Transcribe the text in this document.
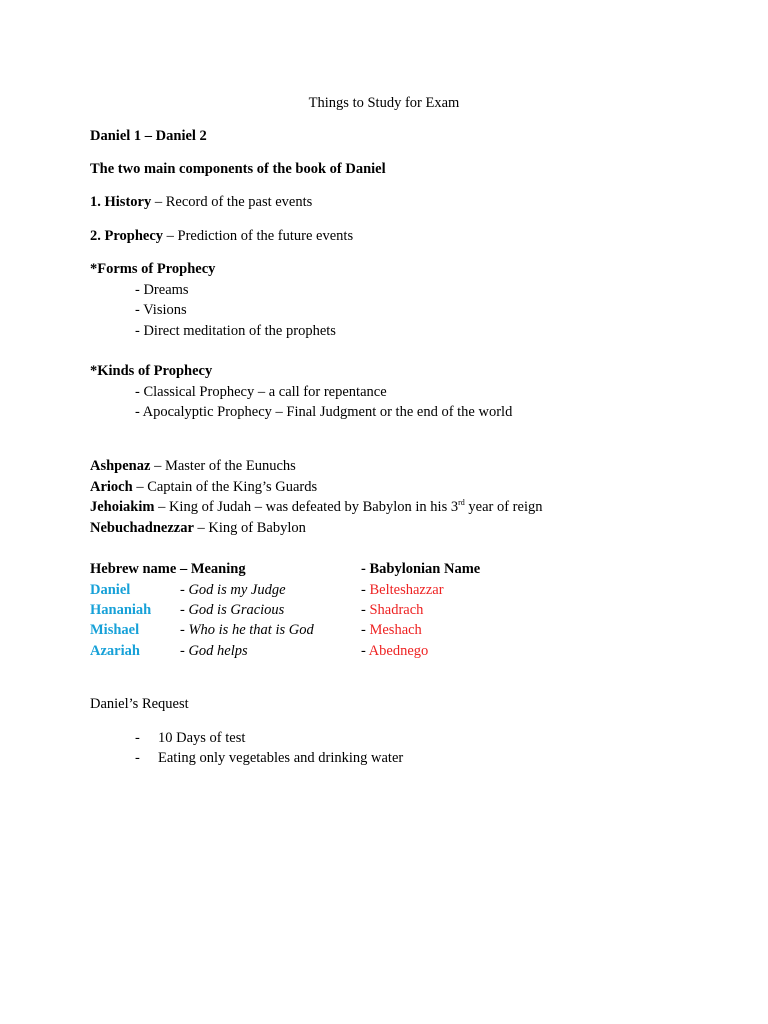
Things to Study for Exam
Daniel 1 – Daniel 2
The two main components of the book of Daniel
1. History – Record of the past events
2. Prophecy – Prediction of the future events
*Forms of Prophecy
- Dreams
- Visions
- Direct meditation of the prophets
*Kinds of Prophecy
- Classical Prophecy – a call for repentance
- Apocalyptic Prophecy – Final Judgment or the end of the world
Ashpenaz – Master of the Eunuchs
Arioch – Captain of the King’s Guards
Jehoiakim – King of Judah – was defeated by Babylon in his 3rd year of reign
Nebuchadnezzar – King of Babylon
Hebrew name – Meaning	- Babylonian Name
Daniel	- God is my Judge	- Belteshazzar
Hananiah - God is Gracious	- Shadrach
Mishael	- Who is he that is God	- Meshach
Azariah	- God helps	- Abednego
Daniel’s Request
- 10 Days of test
- Eating only vegetables and drinking water
